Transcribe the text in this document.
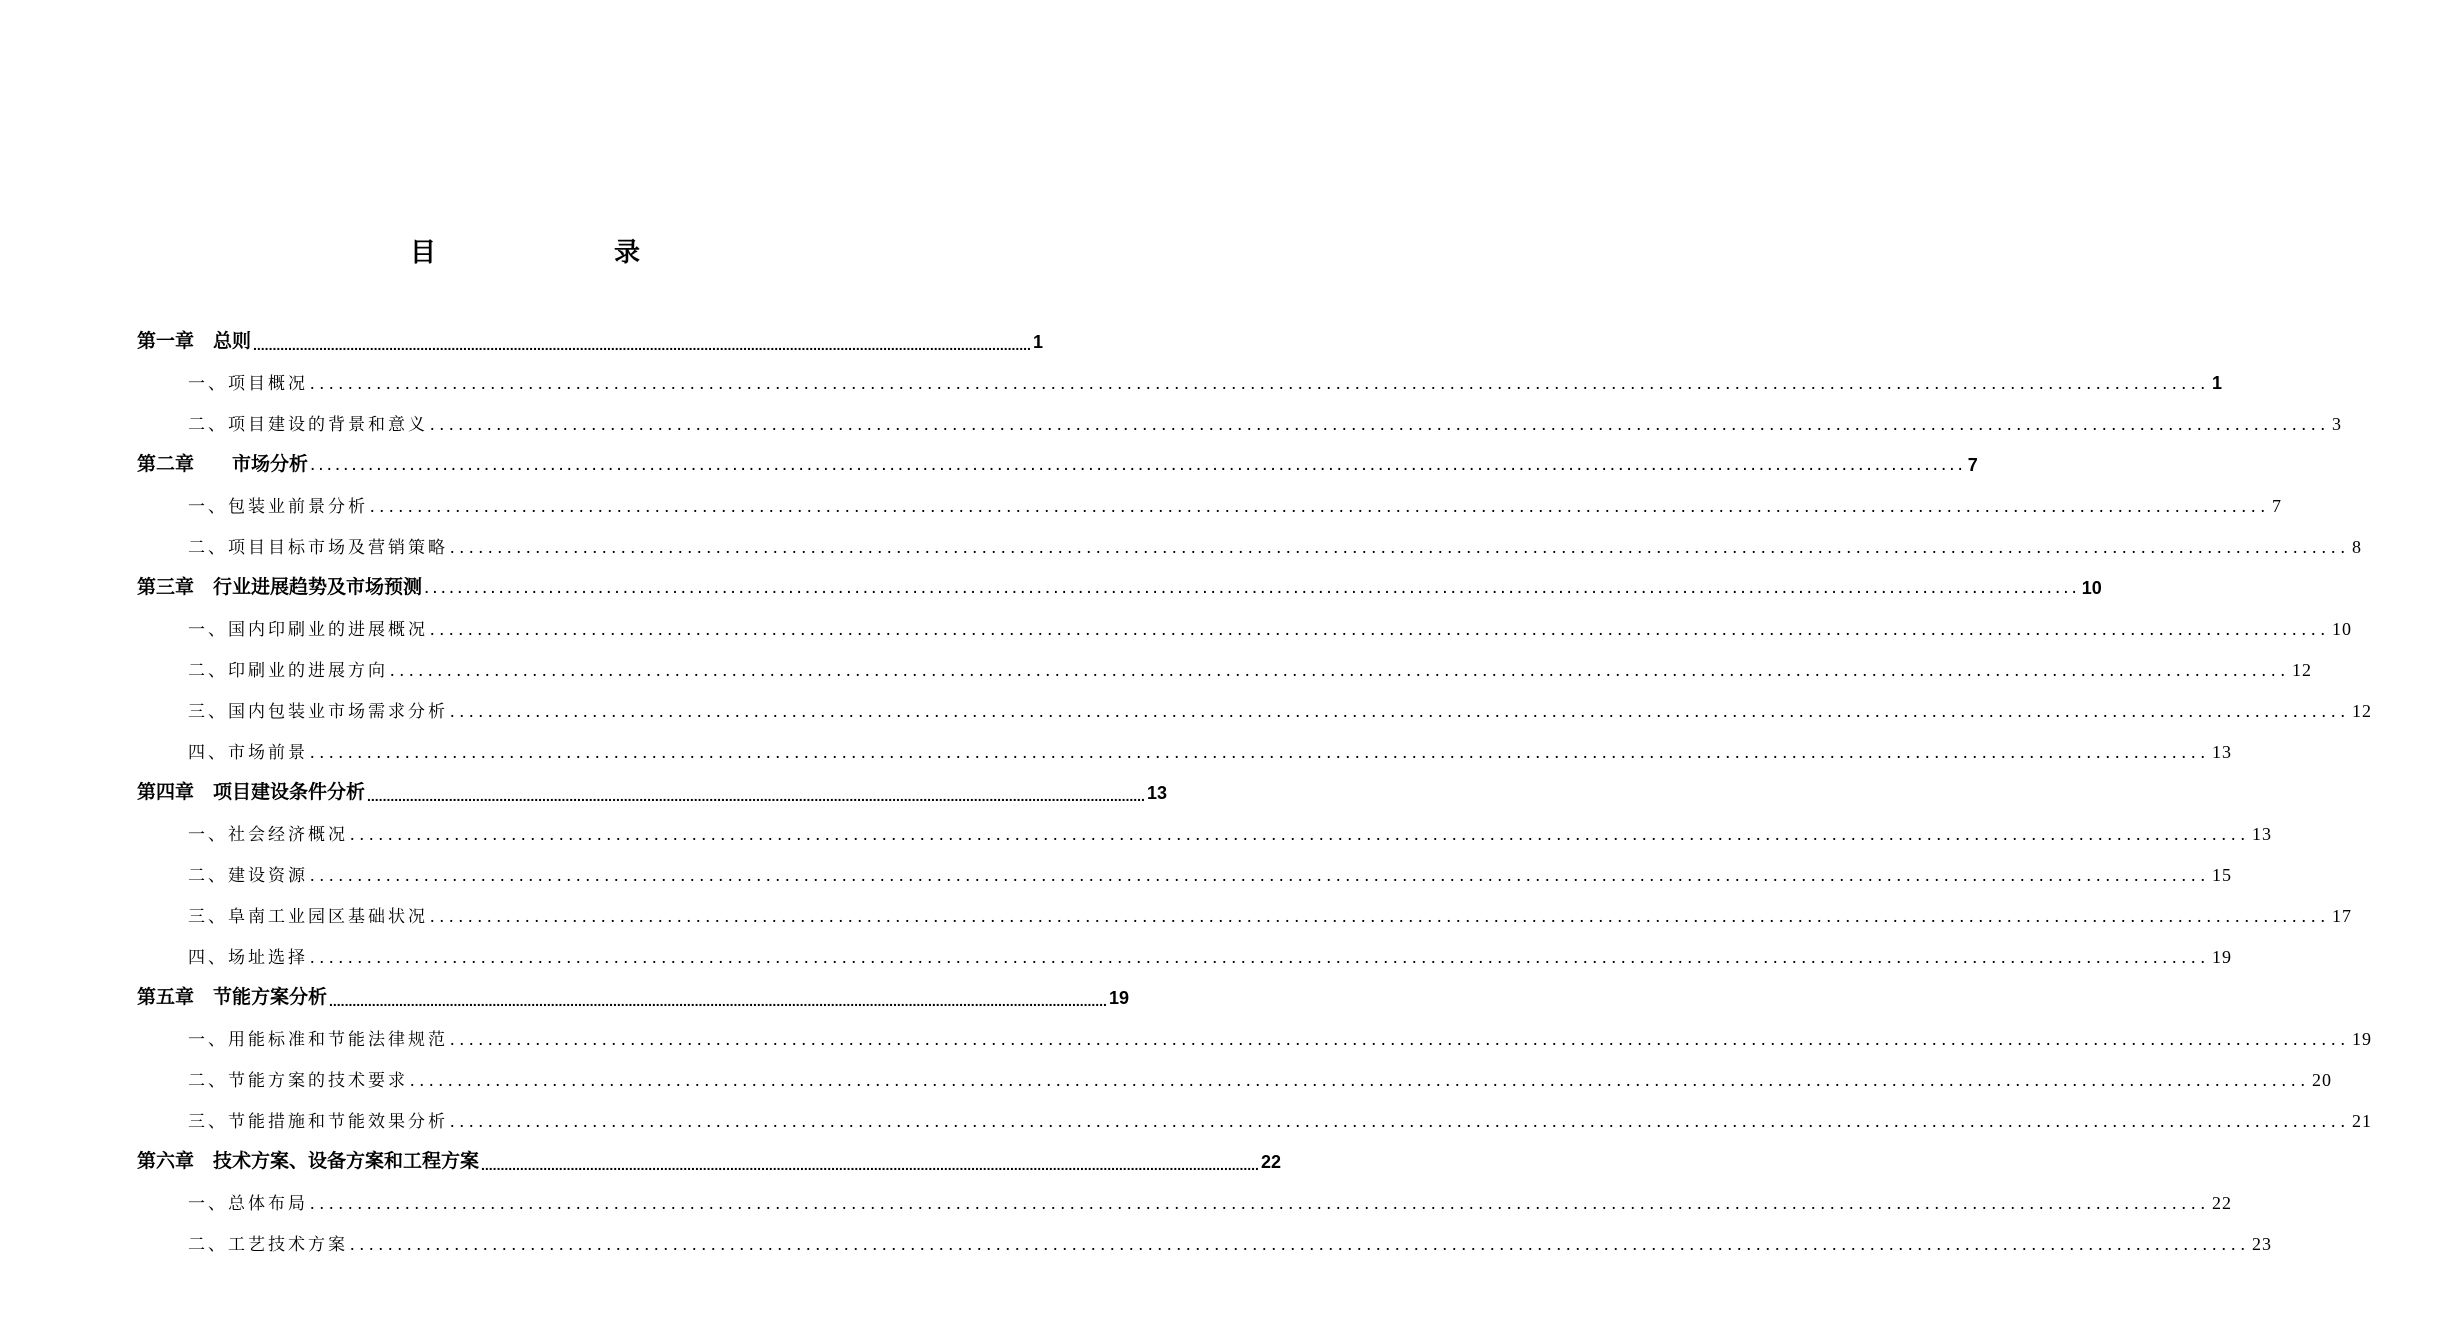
目	录
第一章　总则 ........................................................................................................................................................................................................ 1
一、项目概况 ........................................................................................................................................................................................................ 1
二、项目建设的背景和意义 ........................................................................................................................................................................................................ 3
第二章　　市场分析 ........................................................................................................................................................................................................ 7
一、包装业前景分析 ........................................................................................................................................................................................................ 7
二、项目目标市场及营销策略 ........................................................................................................................................................................................................ 8
第三章　行业进展趋势及市场预测 ........................................................................................................................................................................................................ 10
一、国内印刷业的进展概况 ........................................................................................................................................................................................................ 10
二、印刷业的进展方向 ........................................................................................................................................................................................................ 12
三、国内包装业市场需求分析 ........................................................................................................................................................................................................ 12
四、市场前景 ........................................................................................................................................................................................................ 13
第四章　项目建设条件分析 ........................................................................................................................................................................................................ 13
一、社会经济概况 ........................................................................................................................................................................................................ 13
二、建设资源 ........................................................................................................................................................................................................ 15
三、阜南工业园区基础状况 ........................................................................................................................................................................................................ 17
四、场址选择 ........................................................................................................................................................................................................ 19
第五章　节能方案分析 ........................................................................................................................................................................................................ 19
一、用能标准和节能法律规范 ........................................................................................................................................................................................................ 19
二、节能方案的技术要求 ........................................................................................................................................................................................................ 20
三、节能措施和节能效果分析 ........................................................................................................................................................................................................ 21
第六章　技术方案、设备方案和工程方案 ........................................................................................................................................................................................................ 22
一、总体布局 ........................................................................................................................................................................................................ 22
二、工艺技术方案 ........................................................................................................................................................................................................ 23
